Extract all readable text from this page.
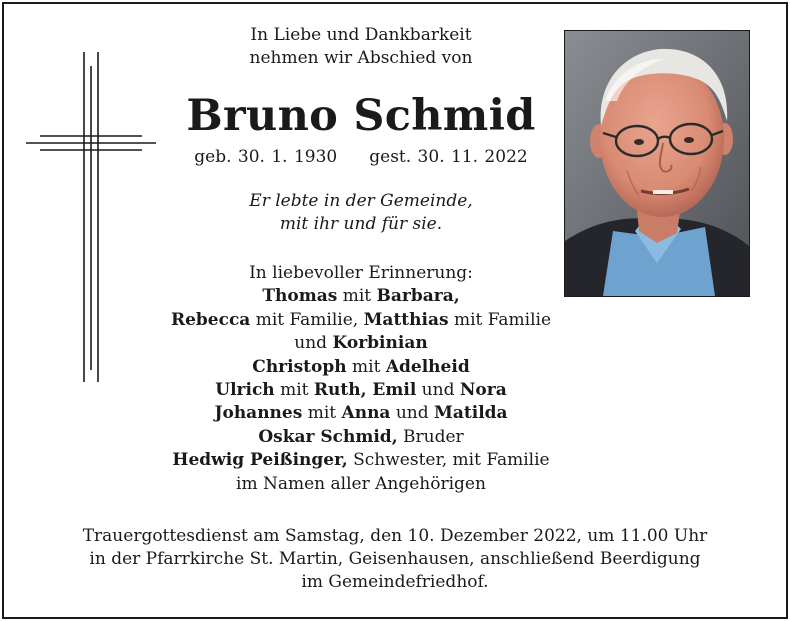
In Liebe und Dankbarkeit
nehmen wir Abschied von
Bruno Schmid
geb. 30. 1. 1930 gest. 30. 11. 2022
Er lebte in der Gemeinde,
mit ihr und für sie.
In liebevoller Erinnerung:
Thomas mit Barbara,
Rebecca mit Familie, Matthias mit Familie
und Korbinian
Christoph mit Adelheid
Ulrich mit Ruth, Emil und Nora
Johannes mit Anna und Matilda
Oskar Schmid, Bruder
Hedwig Peißinger, Schwester, mit Familie
im Namen aller Angehörigen
Trauergottesdienst am Samstag, den 10. Dezember 2022, um 11.00 Uhr
in der Pfarrkirche St. Martin, Geisenhausen, anschließend Beerdigung
im Gemeindefriedhof.
